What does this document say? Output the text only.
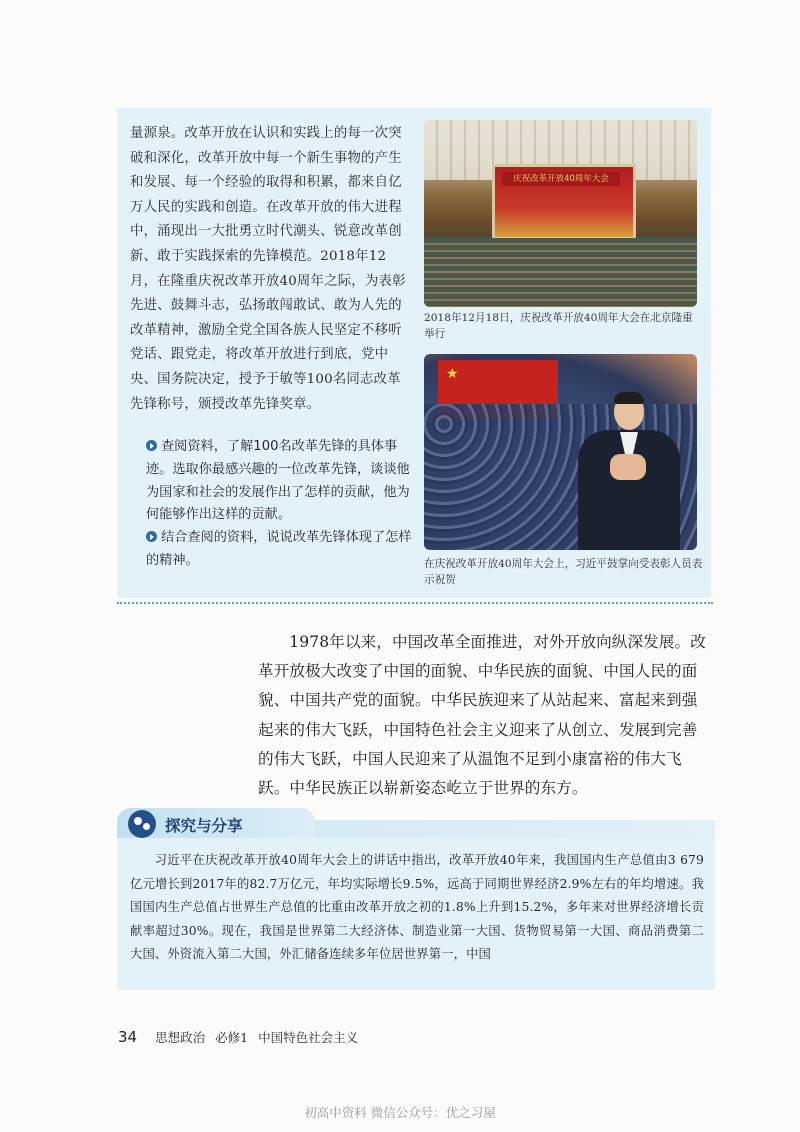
量源泉。改革开放在认识和实践上的每一次突破和深化，改革开放中每一个新生事物的产生和发展、每一个经验的取得和积累，都来自亿万人民的实践和创造。在改革开放的伟大进程中，涌现出一大批勇立时代潮头、锐意改革创新、敢于实践探索的先锋模范。2018年12月，在隆重庆祝改革开放40周年之际，为表彰先进、鼓舞斗志，弘扬敢闯敢试、敢为人先的改革精神，激励全党全国各族人民坚定不移听党话、跟党走，将改革开放进行到底，党中央、国务院决定，授予于敏等100名同志改革先锋称号，颁授改革先锋奖章。
查阅资料，了解100名改革先锋的具体事迹。选取你最感兴趣的一位改革先锋，谈谈他为国家和社会的发展作出了怎样的贡献，他为何能够作出这样的贡献。
结合查阅的资料，说说改革先锋体现了怎样的精神。
庆祝改革开放40周年大会
2018年12月18日，庆祝改革开放40周年大会在北京隆重举行
★
在庆祝改革开放40周年大会上，习近平鼓掌向受表彰人员表示祝贺
1978年以来，中国改革全面推进，对外开放向纵深发展。改革开放极大改变了中国的面貌、中华民族的面貌、中国人民的面貌、中国共产党的面貌。中华民族迎来了从站起来、富起来到强起来的伟大飞跃，中国特色社会主义迎来了从创立、发展到完善的伟大飞跃，中国人民迎来了从温饱不足到小康富裕的伟大飞跃。中华民族正以崭新姿态屹立于世界的东方。
探究与分享
习近平在庆祝改革开放40周年大会上的讲话中指出，改革开放40年来，我国国内生产总值由3 679亿元增长到2017年的82.7万亿元，年均实际增长9.5%，远高于同期世界经济2.9%左右的年均增速。我国国内生产总值占世界生产总值的比重由改革开放之初的1.8%上升到15.2%，多年来对世界经济增长贡献率超过30%。现在，我国是世界第二大经济体、制造业第一大国、货物贸易第一大国、商品消费第二大国、外资流入第二大国，外汇储备连续多年位居世界第一，中国
34 思想政治 必修1 中国特色社会主义
初高中资料 微信公众号：优之习屋
